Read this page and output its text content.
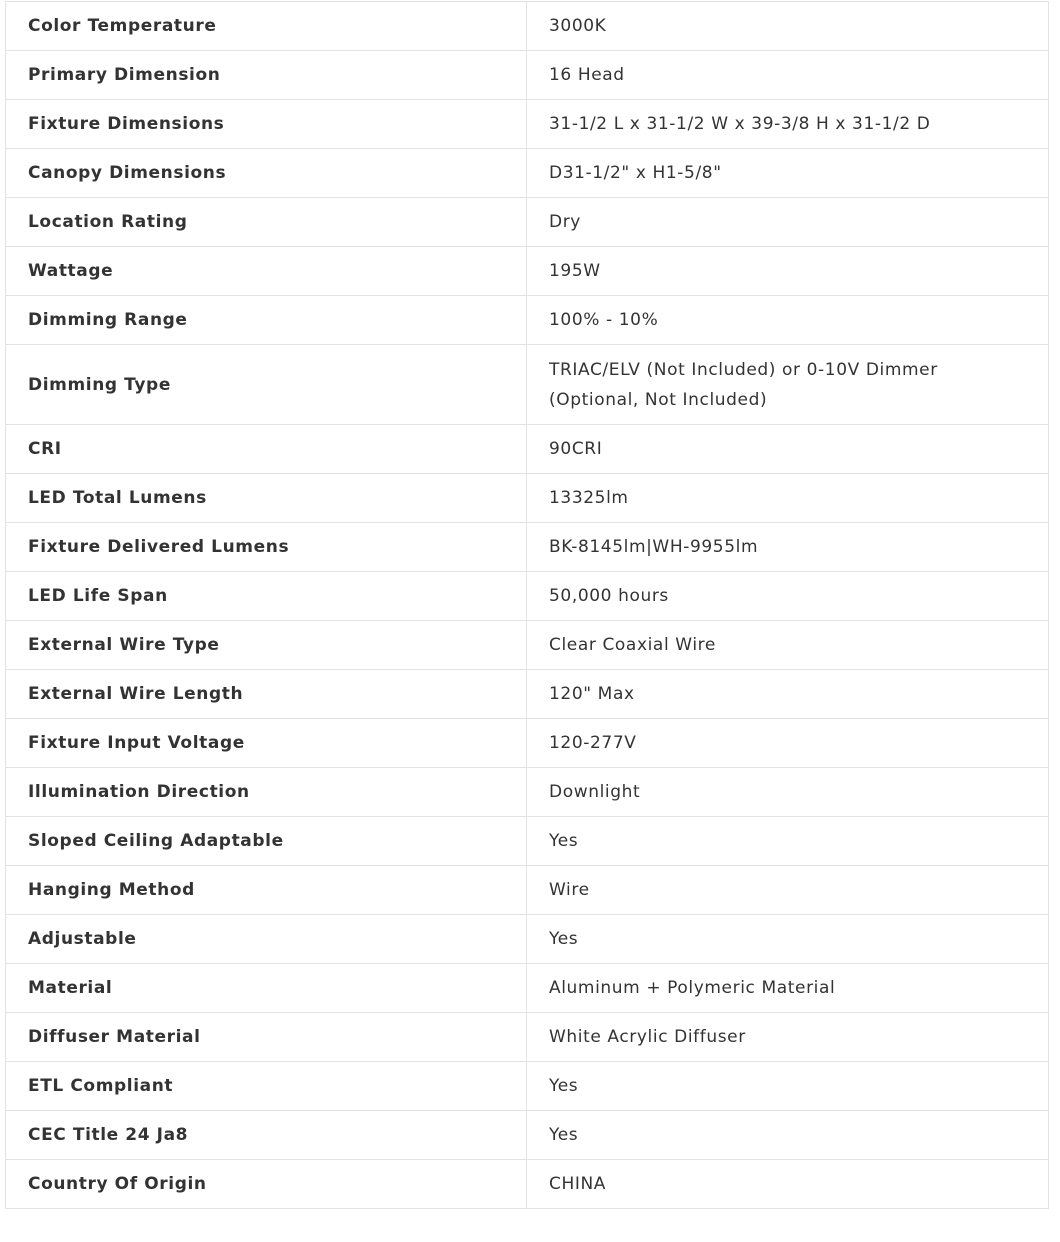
Color Temperature	3000K
Primary Dimension	16 Head
Fixture Dimensions	31-1/2 L x 31-1/2 W x 39-3/8 H x 31-1/2 D
Canopy Dimensions	D31-1/2" x H1-5/8"
Location Rating	Dry
Wattage	195W
Dimming Range	100% - 10%
Dimming Type	TRIAC/ELV (Not Included) or 0-10V Dimmer (Optional, Not Included)
CRI	90CRI
LED Total Lumens	13325lm
Fixture Delivered Lumens	BK-8145lm|WH-9955lm
LED Life Span	50,000 hours
External Wire Type	Clear Coaxial Wire
External Wire Length	120" Max
Fixture Input Voltage	120-277V
Illumination Direction	Downlight
Sloped Ceiling Adaptable	Yes
Hanging Method	Wire
Adjustable	Yes
Material	Aluminum + Polymeric Material
Diffuser Material	White Acrylic Diffuser
ETL Compliant	Yes
CEC Title 24 Ja8	Yes
Country Of Origin	CHINA
